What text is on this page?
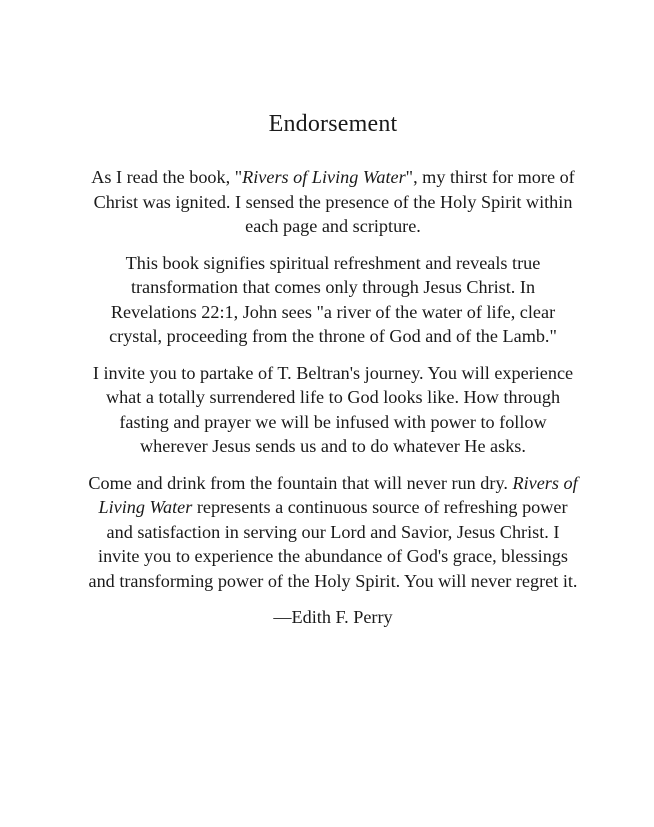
Endorsement

As I read the book, "Rivers of Living Water", my thirst for more of Christ was ignited. I sensed the presence of the Holy Spirit within each page and scripture.

This book signifies spiritual refreshment and reveals true transformation that comes only through Jesus Christ. In Revelations 22:1, John sees "a river of the water of life, clear crystal, proceeding from the throne of God and of the Lamb."

I invite you to partake of T. Beltran's journey. You will experience what a totally surrendered life to God looks like. How through fasting and prayer we will be infused with power to follow wherever Jesus sends us and to do whatever He asks.

Come and drink from the fountain that will never run dry. Rivers of Living Water represents a continuous source of refreshing power and satisfaction in serving our Lord and Savior, Jesus Christ. I invite you to experience the abundance of God's grace, blessings and transforming power of the Holy Spirit. You will never regret it.

—Edith F. Perry
